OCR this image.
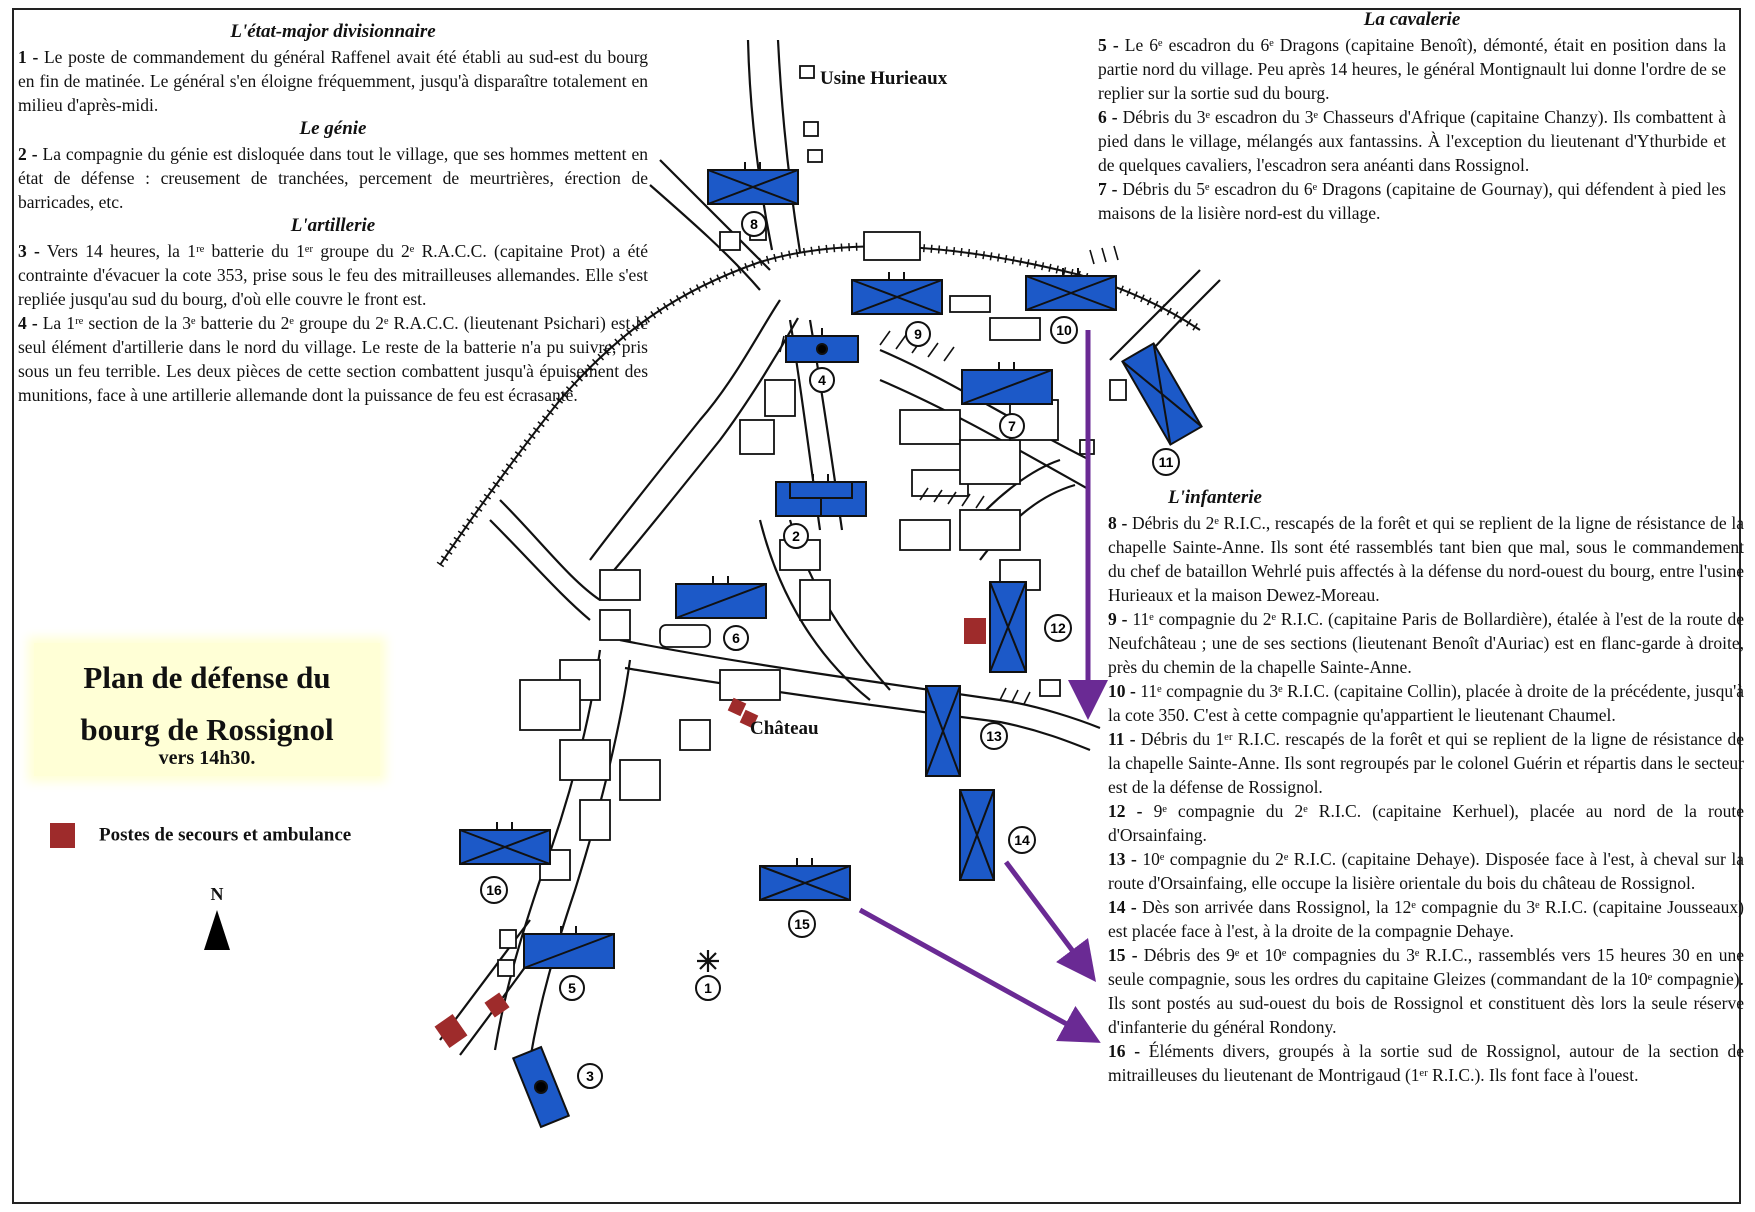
1
2
3
4
5
6
7
8
9	10
11
12
13
14
15
16
Usine Hurieaux
Château
L'état-major divisionnaire

1 - Le poste de commandement du général Raffenel avait été établi au sud-est du bourg en fin de matinée. Le général s'en éloigne fréquemment, jusqu'à disparaître totalement en milieu d'après-midi.

Le génie

2 - La compagnie du génie est disloquée dans tout le village, que ses hommes mettent en état de défense : creusement de tranchées, percement de meurtrières, érection de barricades, etc.

L'artillerie

3 - Vers 14 heures, la 1ʳᵉ batterie du 1ᵉʳ groupe du 2ᵉ R.A.C.C. (capitaine Prot) a été contrainte d'évacuer la cote 353, prise sous le feu des mitrailleuses allemandes. Elle s'est repliée jusqu'au sud du bourg, d'où elle couvre le front est.

4 - La 1ʳᵉ section de la 3ᵉ batterie du 2ᵉ groupe du 2ᵉ R.A.C.C. (lieutenant Psichari) est le seul élément d'artillerie dans le nord du village. Le reste de la batterie n'a pu suivre, pris sous un feu terrible. Les deux pièces de cette section combattent jusqu'à épuisement des munitions, face à une artillerie allemande dont la puissance de feu est écrasante.

La cavalerie

5 - Le 6ᵉ escadron du 6ᵉ Dragons (capitaine Benoît), démonté, était en position dans la partie nord du village. Peu après 14 heures, le général Montignault lui donne l'ordre de se replier sur la sortie sud du bourg.

6 - Débris du 3ᵉ escadron du 3ᵉ Chasseurs d'Afrique (capitaine Chanzy). Ils combattent à pied dans le village, mélangés aux fantassins. À l'exception du lieutenant d'Ythurbide et de quelques cavaliers, l'escadron sera anéanti dans Rossignol.

7 - Débris du 5ᵉ escadron du 6ᵉ Dragons (capitaine de Gournay), qui défendent à pied les maisons de la lisière nord-est du village.

L'infanterie

8 - Débris du 2ᵉ R.I.C., rescapés de la forêt et qui se replient de la ligne de résistance de la chapelle Sainte-Anne. Ils sont été rassemblés tant bien que mal, sous le commandement du chef de bataillon Wehrlé puis affectés à la défense du nord-ouest du bourg, entre l'usine Hurieaux et la maison Dewez-Moreau.

9 - 11ᵉ compagnie du 2ᵉ R.I.C. (capitaine Paris de Bollardière), étalée à l'est de la route de Neufchâteau ; une de ses sections (lieutenant Benoît d'Auriac) est en flanc-garde à droite, près du chemin de la chapelle Sainte-Anne.

10 - 11ᵉ compagnie du 3ᵉ R.I.C. (capitaine Collin), placée à droite de la précédente, jusqu'à la cote 350. C'est à cette compagnie qu'appartient le lieutenant Chaumel.

11 - Débris du 1ᵉʳ R.I.C. rescapés de la forêt et qui se replient de la ligne de résistance de la chapelle Sainte-Anne. Ils sont regroupés par le colonel Guérin et répartis dans le secteur est de la défense de Rossignol.

12 - 9ᵉ compagnie du 2ᵉ R.I.C. (capitaine Kerhuel), placée au nord de la route d'Orsainfaing.

13 - 10ᵉ compagnie du 2ᵉ R.I.C. (capitaine Dehaye). Disposée face à l'est, à cheval sur la route d'Orsainfaing, elle occupe la lisière orientale du bois du château de Rossignol.

14 - Dès son arrivée dans Rossignol, la 12ᵉ compagnie du 3ᵉ R.I.C. (capitaine Jousseaux) est placée face à l'est, à la droite de la compagnie Dehaye.

15 - Débris des 9ᵉ et 10ᵉ compagnies du 3ᵉ R.I.C., rassemblés vers 15 heures 30 en une seule compagnie, sous les ordres du capitaine Gleizes (commandant de la 10ᵉ compagnie). Ils sont postés au sud-ouest du bois de Rossignol et constituent dès lors la seule réserve d'infanterie du général Rondony.

16 - Éléments divers, groupés à la sortie sud de Rossignol, autour de la section de mitrailleuses du lieutenant de Montrigaud (1ᵉʳ R.I.C.). Ils font face à l'ouest.

Plan de défense du
bourg de Rossignol
vers 14h30.
Postes de secours et ambulance
N
